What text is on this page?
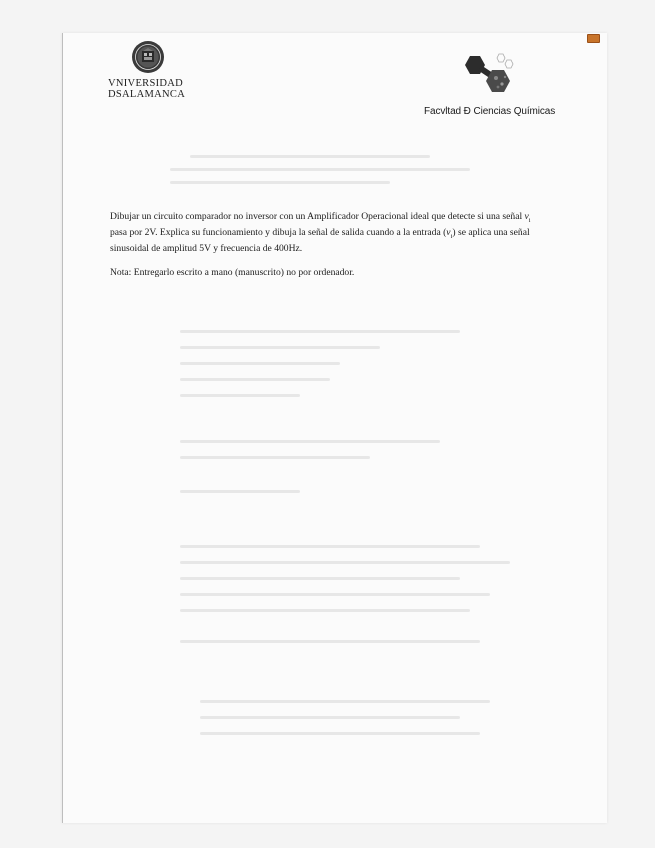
VNIVERSIDAD
DSALAMANCA
Facvltad Ð Ciencias Químicas

Dibujar un circuito comparador no inversor con un Amplificador Operacional ideal que detecte si una señal $v_i$ pasa por 2V. Explica su funcionamiento y dibuja la señal de salida cuando a la entrada $(v_i)$ se aplica una señal sinusoidal de amplitud 5V y frecuencia de 400Hz.

Nota: Entregarlo escrito a mano (manuscrito) no por ordenador.
